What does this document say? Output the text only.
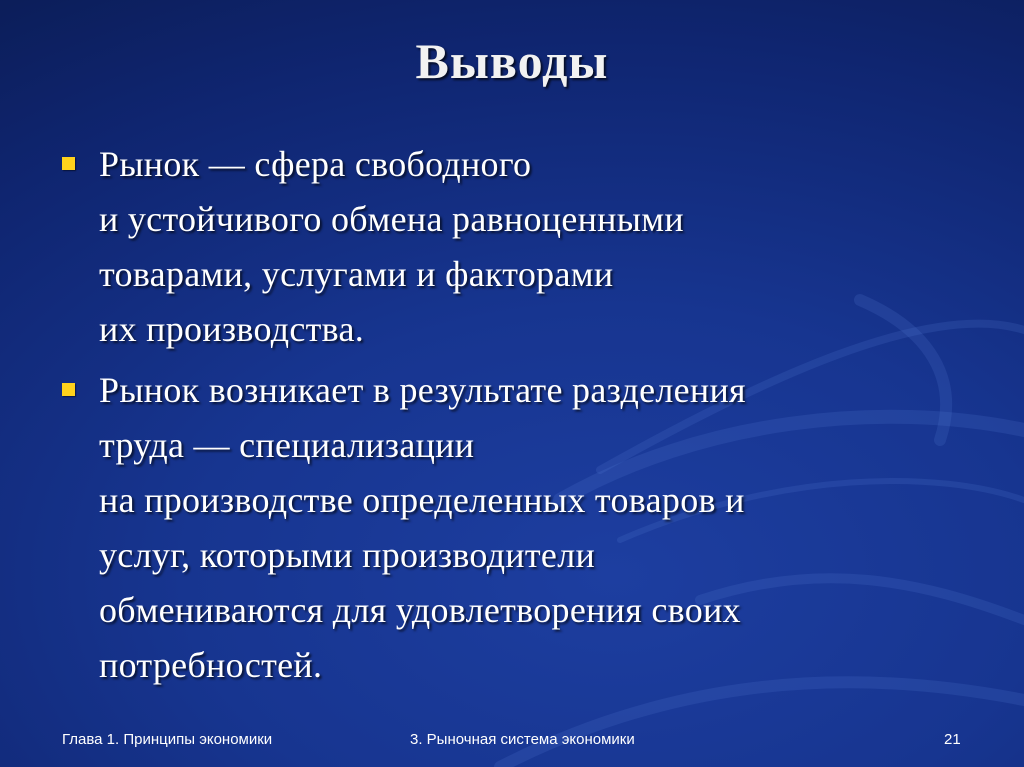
Выводы
Рынок — сфера свободного
и устойчивого обмена равноценными
товарами, услугами и факторами
их производства.
Рынок возникает в результате разделения
труда — специализации
на производстве определенных товаров и
услуг, которыми производители
обмениваются для удовлетворения своих
потребностей.
Глава 1. Принципы экономики	3. Рыночная система экономики	21
